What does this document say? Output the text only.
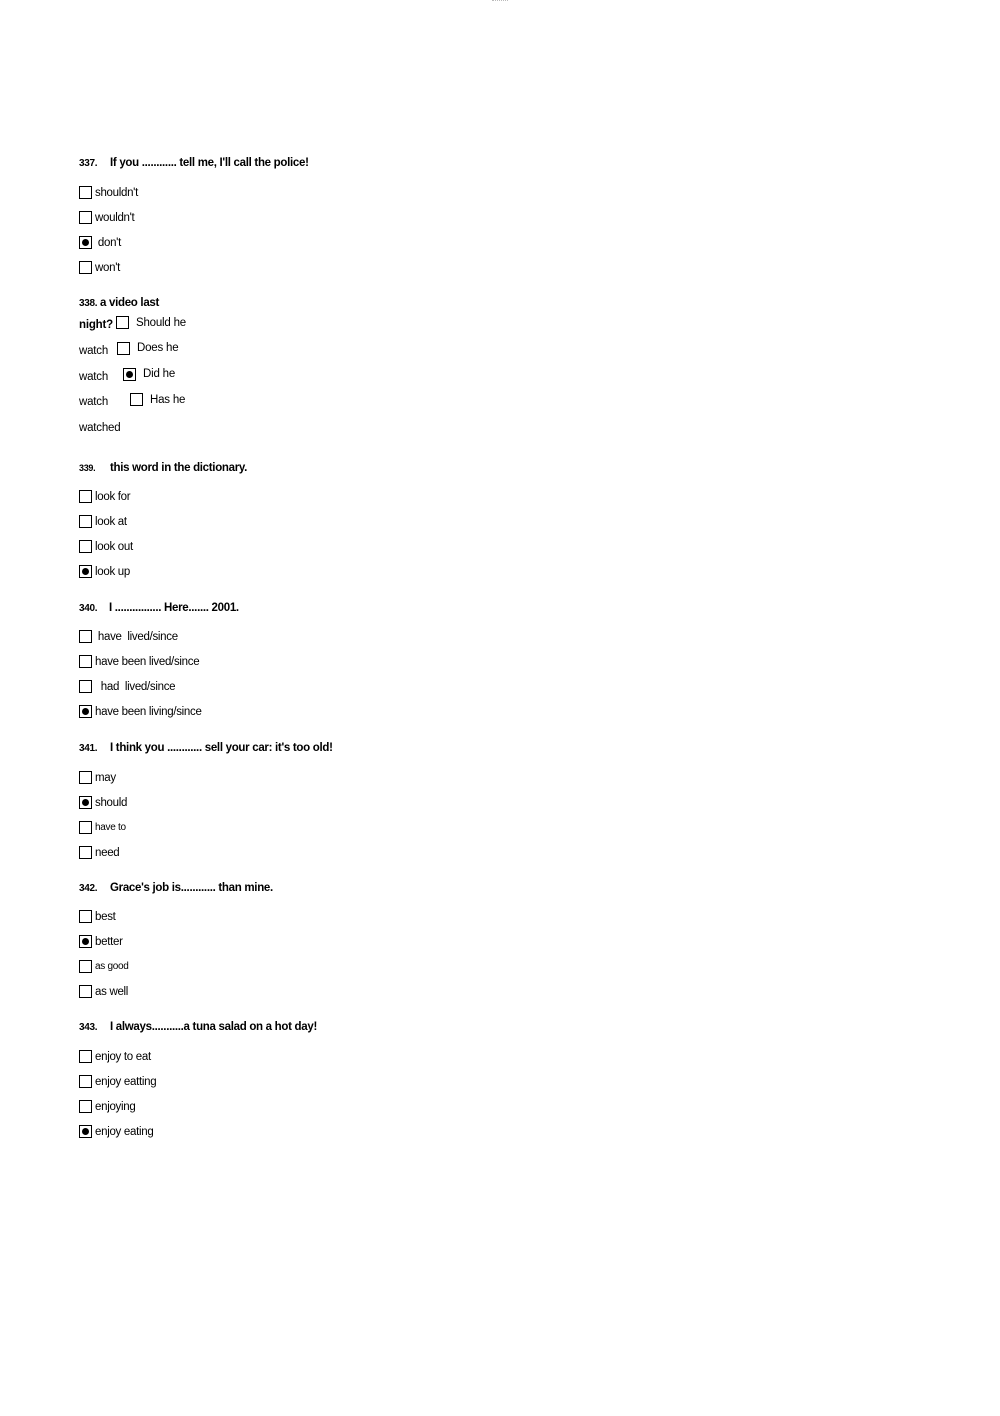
337. If you ............ tell me, I'll call the police!
shouldn't
wouldn't
don't
won't
338. a video last
night? Should he
watch	Does he
watch	Did he
watch	Has he
watched
339. this word in the dictionary.
look for
look at
look out
look up
340. I ................ Here....... 2001.
have  lived/since
have been lived/since
had  lived/since
have been living/since
341. I think you ............ sell your car: it's too old!
may
should
have to
need
342. Grace's job is............ than mine.
best
better
as good
as well
343. I always...........a tuna salad on a hot day!
enjoy to eat
enjoy eatting
enjoying
enjoy eating
